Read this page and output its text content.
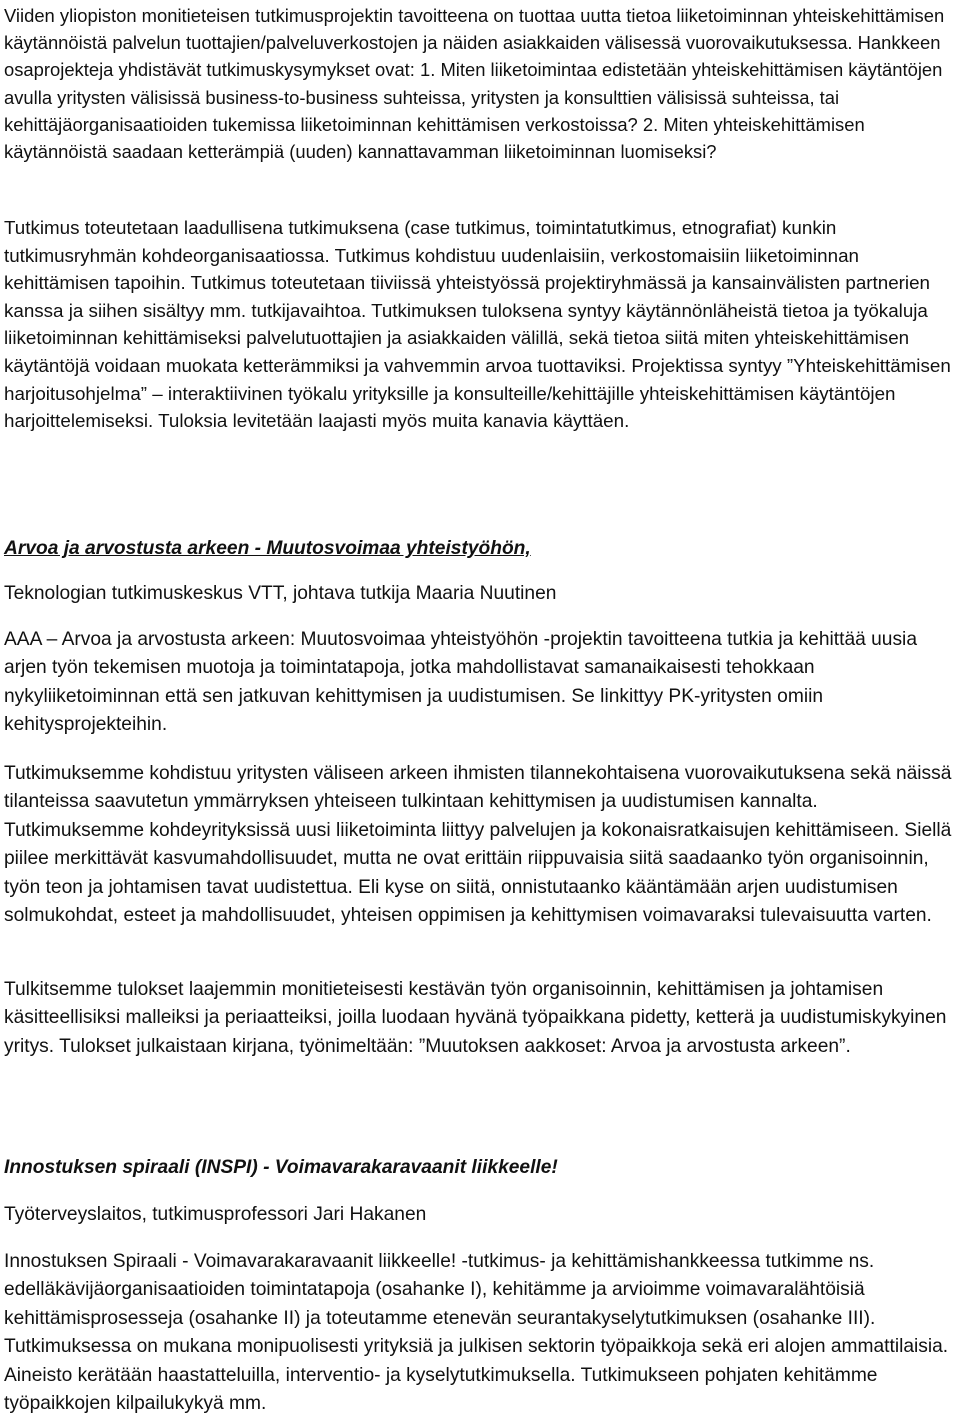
Viiden yliopiston monitieteisen tutkimusprojektin tavoitteena on tuottaa uutta tietoa liiketoiminnan yhteiskehittämisen käytännöistä palvelun tuottajien/palveluverkostojen ja näiden asiakkaiden välisessä vuorovaikutuksessa. Hankkeen osaprojekteja yhdistävät tutkimuskysymykset ovat: 1. Miten liiketoimintaa edistetään yhteiskehittämisen käytäntöjen avulla yritysten välisissä business-to-business suhteissa, yritysten ja konsulttien välisissä suhteissa, tai kehittäjäorganisaatioiden tukemissa liiketoiminnan kehittämisen verkostoissa? 2. Miten yhteiskehittämisen käytännöistä saadaan ketterämpiä (uuden) kannattavamman liiketoiminnan luomiseksi?

Tutkimus toteutetaan laadullisena tutkimuksena (case tutkimus, toimintatutkimus, etnografiat) kunkin tutkimusryhmän kohdeorganisaatiossa. Tutkimus kohdistuu uudenlaisiin, verkostomaisiin liiketoiminnan kehittämisen tapoihin. Tutkimus toteutetaan tiiviissä yhteistyössä projektiryhmässä ja kansainvälisten partnerien kanssa ja siihen sisältyy mm. tutkijavaihtoa. Tutkimuksen tuloksena syntyy käytännönläheistä tietoa ja työkaluja liiketoiminnan kehittämiseksi palvelutuottajien ja asiakkaiden välillä, sekä tietoa siitä miten yhteiskehittämisen käytäntöjä voidaan muokata ketterämmiksi ja vahvemmin arvoa tuottaviksi. Projektissa syntyy ”Yhteiskehittämisen harjoitusohjelma” – interaktiivinen työkalu yrityksille ja konsulteille/kehittäjille yhteiskehittämisen käytäntöjen harjoittelemiseksi. Tuloksia levitetään laajasti myös muita kanavia käyttäen.

Arvoa ja arvostusta arkeen - Muutosvoimaa yhteistyöhön,

Teknologian tutkimuskeskus VTT, johtava tutkija Maaria Nuutinen

AAA – Arvoa ja arvostusta arkeen: Muutosvoimaa yhteistyöhön -projektin tavoitteena tutkia ja kehittää uusia arjen työn tekemisen muotoja ja toimintatapoja, jotka mahdollistavat samanaikaisesti tehokkaan nykyliiketoiminnan että sen jatkuvan kehittymisen ja uudistumisen. Se linkittyy PK-yritysten omiin kehitysprojekteihin.

Tutkimuksemme kohdistuu yritysten väliseen arkeen ihmisten tilannekohtaisena vuorovaikutuksena sekä näissä tilanteissa saavutetun ymmärryksen yhteiseen tulkintaan kehittymisen ja uudistumisen kannalta. Tutkimuksemme kohdeyrityksissä uusi liiketoiminta liittyy palvelujen ja kokonaisratkaisujen kehittämiseen. Siellä piilee merkittävät kasvumahdollisuudet, mutta ne ovat erittäin riippuvaisia siitä saadaanko työn organisoinnin, työn teon ja johtamisen tavat uudistettua. Eli kyse on siitä, onnistutaanko kääntämään arjen uudistumisen solmukohdat, esteet ja mahdollisuudet, yhteisen oppimisen ja kehittymisen voimavaraksi tulevaisuutta varten.

Tulkitsemme tulokset laajemmin monitieteisesti kestävän työn organisoinnin, kehittämisen ja johtamisen käsitteellisiksi malleiksi ja periaatteiksi, joilla luodaan hyvänä työpaikkana pidetty, ketterä ja uudistumiskykyinen yritys. Tulokset julkaistaan kirjana, työnimeltään: ”Muutoksen aakkoset: Arvoa ja arvostusta arkeen”.

Innostuksen spiraali (INSPI) - Voimavarakaravaanit liikkeelle!

Työterveyslaitos, tutkimusprofessori Jari Hakanen

Innostuksen Spiraali - Voimavarakaravaanit liikkeelle! -tutkimus- ja kehittämishankkeessa tutkimme ns. edelläkävijäorganisaatioiden toimintatapoja (osahanke I), kehitämme ja arvioimme voimavaralähtöisiä kehittämisprosesseja (osahanke II) ja toteutamme etenevän seurantakyselytutkimuksen (osahanke III). Tutkimuksessa on mukana monipuolisesti yrityksiä ja julkisen sektorin työpaikkoja sekä eri alojen ammattilaisia. Aineisto kerätään haastatteluilla, interventio- ja kyselytutkimuksella. Tutkimukseen pohjaten kehitämme työpaikkojen kilpailukykyä mm.
